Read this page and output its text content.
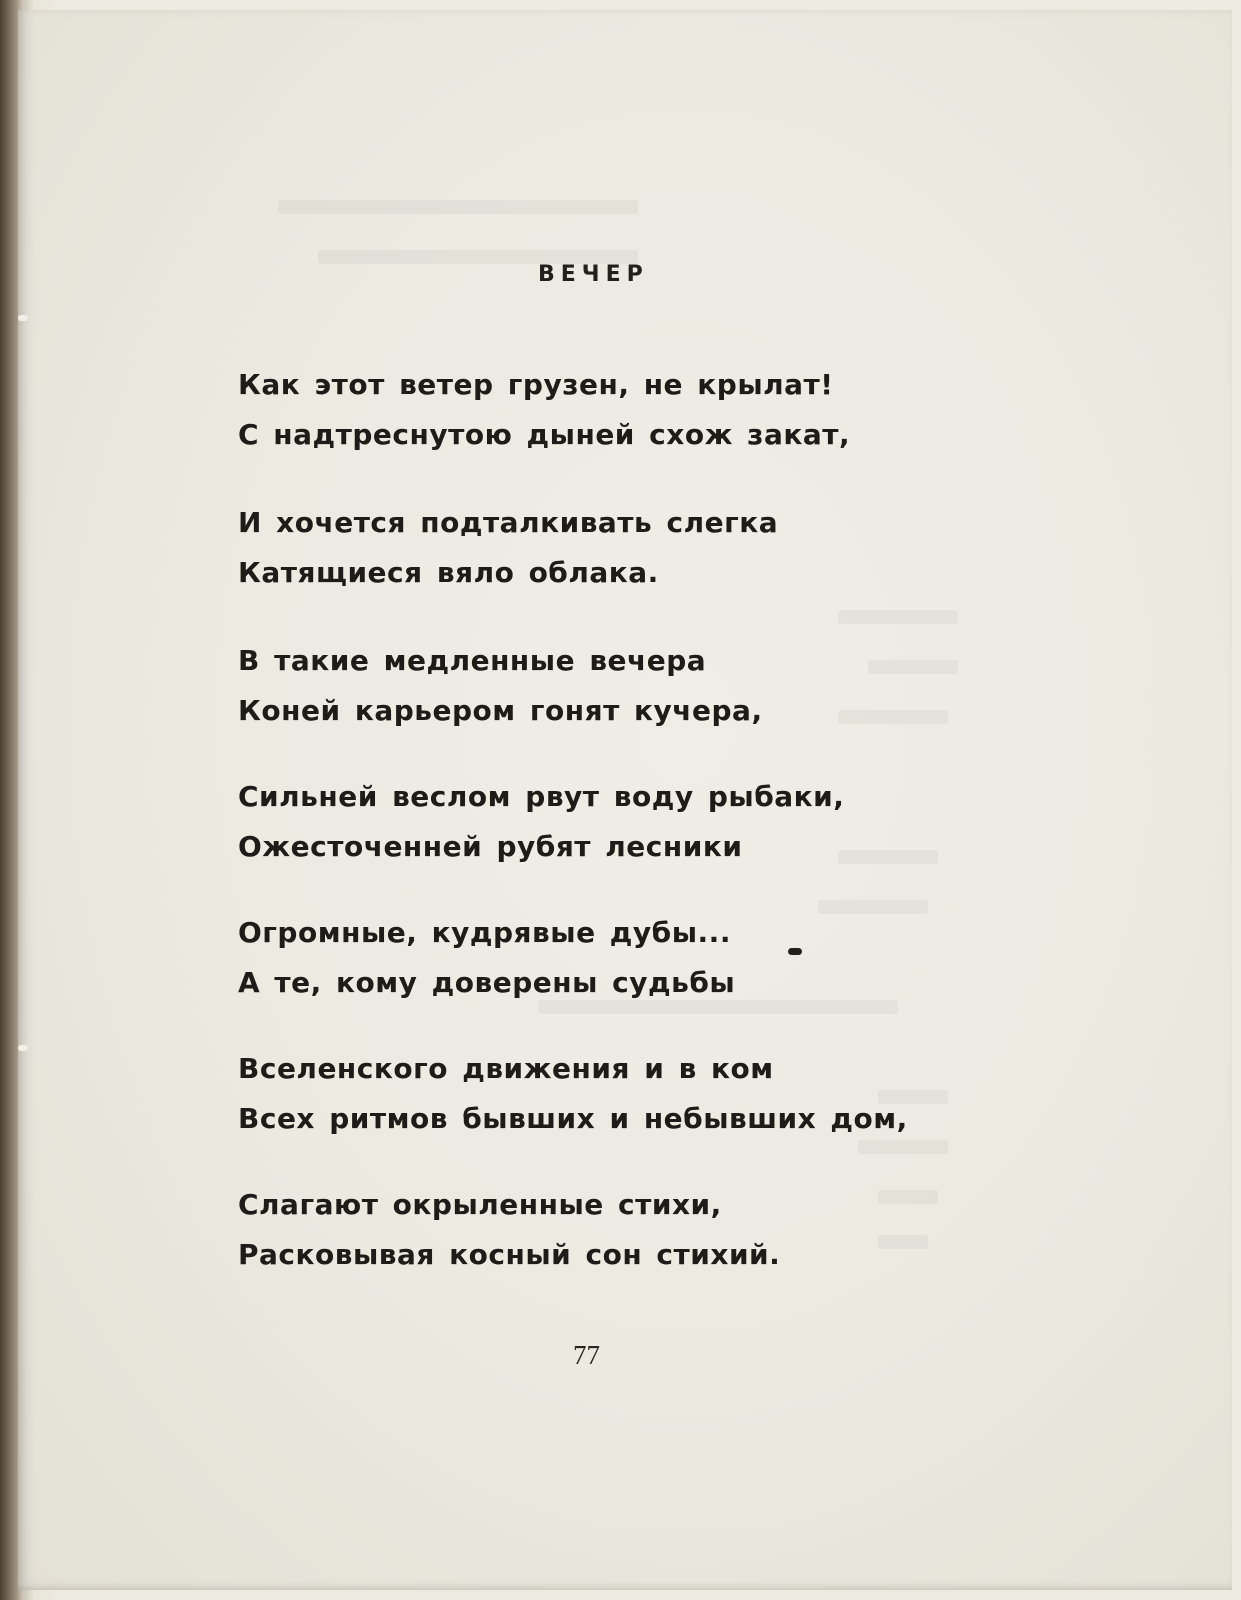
ВЕЧЕР
Как этот ветер грузен, не крылат!
С надтреснутою дыней схож закат,
И хочется подталкивать слегка
Катящиеся вяло облака.
В такие медленные вечера
Коней карьером гонят кучера,
Сильней веслом рвут воду рыбаки,
Ожесточенней рубят лесники
Огромные, кудрявые дубы...
А те, кому доверены судьбы
Вселенского движения и в ком
Всех ритмов бывших и небывших дом,
Слагают окрыленные стихи,
Расковывая косный сон стихий.
77
